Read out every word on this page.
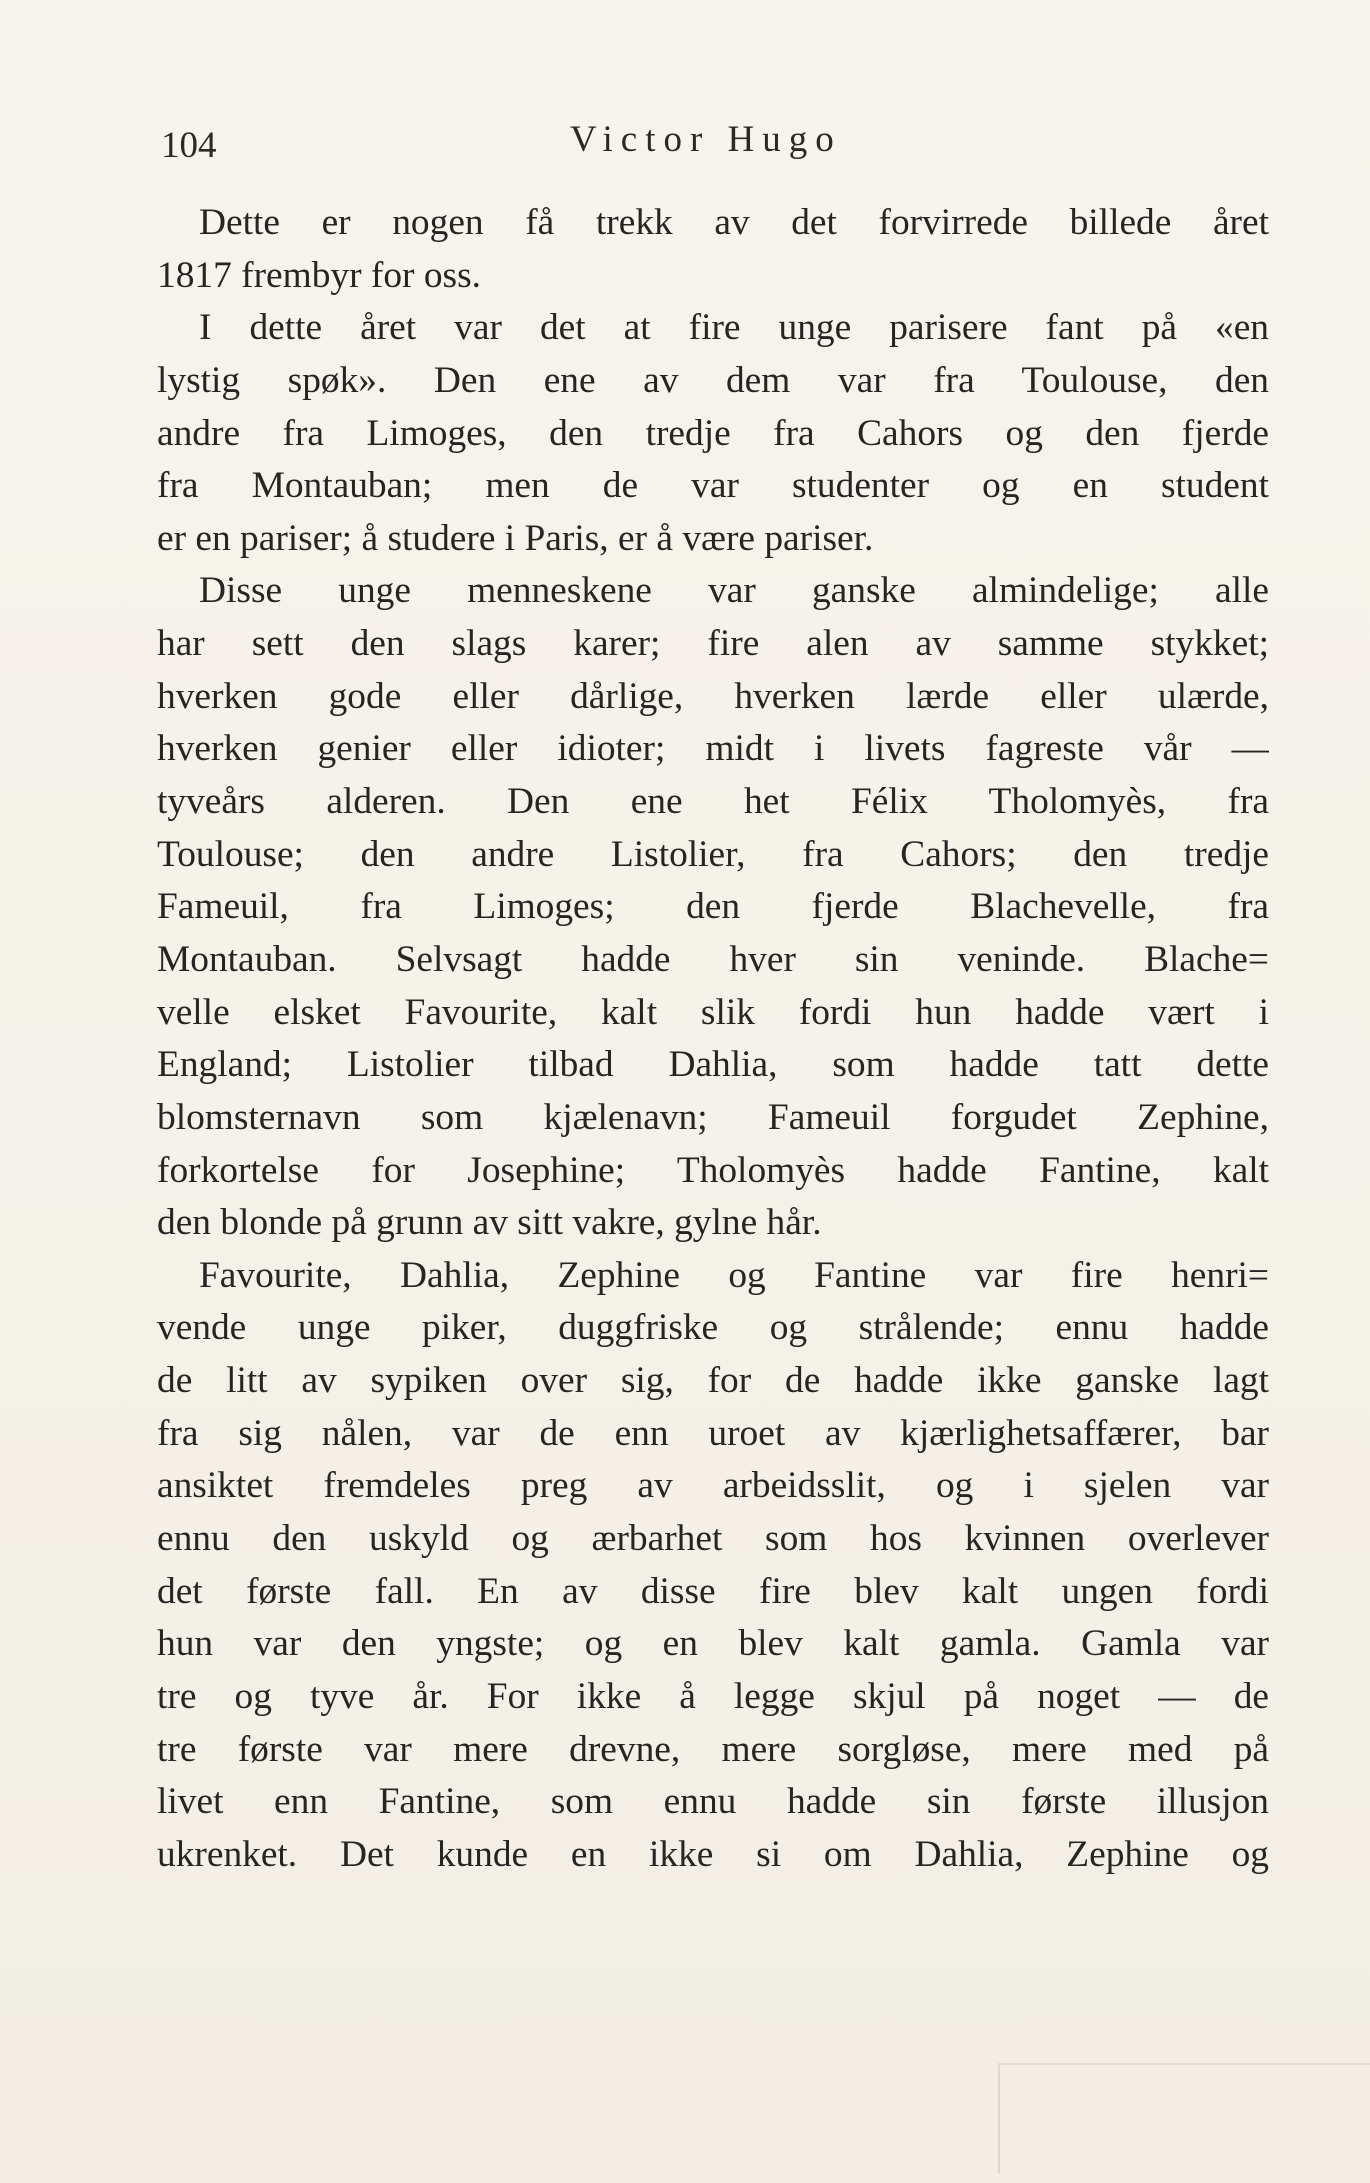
104	Victor Hugo
Dette er nogen få trekk av det forvirrede billede året
1817 frembyr for oss.
I dette året var det at fire unge parisere fant på «en
lystig spøk». Den ene av dem var fra Toulouse, den
andre fra Limoges, den tredje fra Cahors og den fjerde
fra Montauban; men de var studenter og en student
er en pariser; å studere i Paris, er å være pariser.
Disse unge menneskene var ganske almindelige; alle
har sett den slags karer; fire alen av samme stykket;
hverken gode eller dårlige, hverken lærde eller ulærde,
hverken genier eller idioter; midt i livets fagreste vår —
tyveårs alderen. Den ene het Félix Tholomyès, fra
Toulouse; den andre Listolier, fra Cahors; den tredje
Fameuil, fra Limoges; den fjerde Blachevelle, fra
Montauban. Selvsagt hadde hver sin veninde. Blache=
velle elsket Favourite, kalt slik fordi hun hadde vært i
England; Listolier tilbad Dahlia, som hadde tatt dette
blomsternavn som kjælenavn; Fameuil forgudet Zephine,
forkortelse for Josephine; Tholomyès hadde Fantine, kalt
den blonde på grunn av sitt vakre, gylne hår.
Favourite, Dahlia, Zephine og Fantine var fire henri=
vende unge piker, duggfriske og strålende; ennu hadde
de litt av sypiken over sig, for de hadde ikke ganske lagt
fra sig nålen, var de enn uroet av kjærlighetsaffærer, bar
ansiktet fremdeles preg av arbeidsslit, og i sjelen var
ennu den uskyld og ærbarhet som hos kvinnen overlever
det første fall. En av disse fire blev kalt ungen fordi
hun var den yngste; og en blev kalt gamla. Gamla var
tre og tyve år. For ikke å legge skjul på noget — de
tre første var mere drevne, mere sorgløse, mere med på
livet enn Fantine, som ennu hadde sin første illusjon
ukrenket. Det kunde en ikke si om Dahlia, Zephine og
